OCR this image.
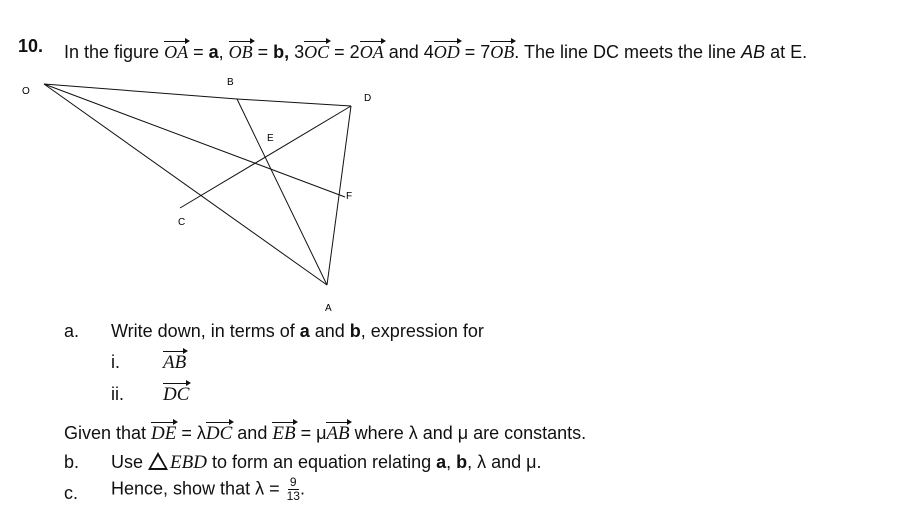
10. In the figure OA = a, OB = b, 3OC = 2OA and 4OD = 7OB. The line DC meets the line AB at E.
O
B
D
E
F
C
A
a. Write down, in terms of a and b, expression for
i. AB
ii. DC
Given that DE = λDC and EB = μAB where λ and μ are constants.
b. Use EBD to form an equation relating a, b, λ and μ.
c. Hence, show that $\lambda = \frac{9}{13}$ .
